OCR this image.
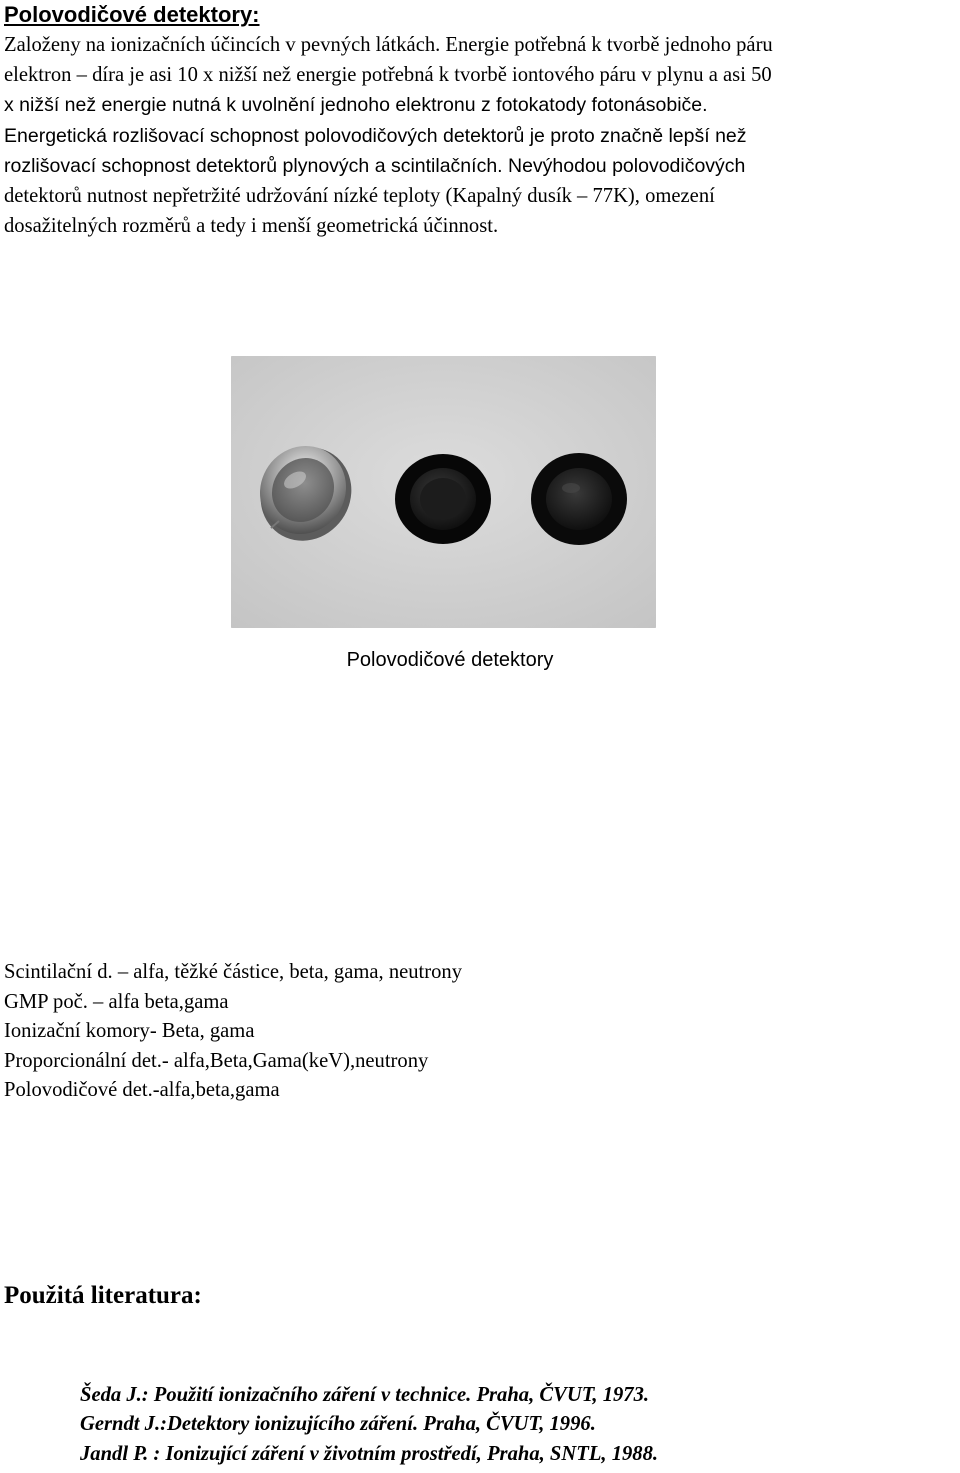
Polovodičové detektory:

Založeny na ionizačních účincích v pevných látkách. Energie potřebná k tvorbě jednoho páru
elektron – díra je asi 10 x nižší než energie potřebná k tvorbě iontového páru v plynu a asi 50
x nižší než energie nutná k uvolnění jednoho elektronu z fotokatody fotonásobiče.
Energetická rozlišovací schopnost polovodičových detektorů je proto značně lepší než
rozlišovací schopnost detektorů plynových a scintilačních. Nevýhodou polovodičových
detektorů nutnost nepřetržité udržování nízké teploty (Kapalný dusík – 77K), omezení
dosažitelných rozměrů a tedy i menší geometrická účinnost.

Polovodičové detektory
Scintilační d. – alfa, těžké částice, beta, gama, neutrony
GMP poč. – alfa beta,gama
Ionizační komory- Beta, gama
Proporcionální det.- alfa,Beta,Gama(keV),neutrony
Polovodičové det.-alfa,beta,gama
Použitá literatura:
Šeda J.: Použití ionizačního záření v technice. Praha, ČVUT, 1973.
Gerndt J.:Detektory ionizujícího záření. Praha, ČVUT, 1996.
Jandl P. : Ionizující záření v životním prostředí, Praha, SNTL, 1988.
